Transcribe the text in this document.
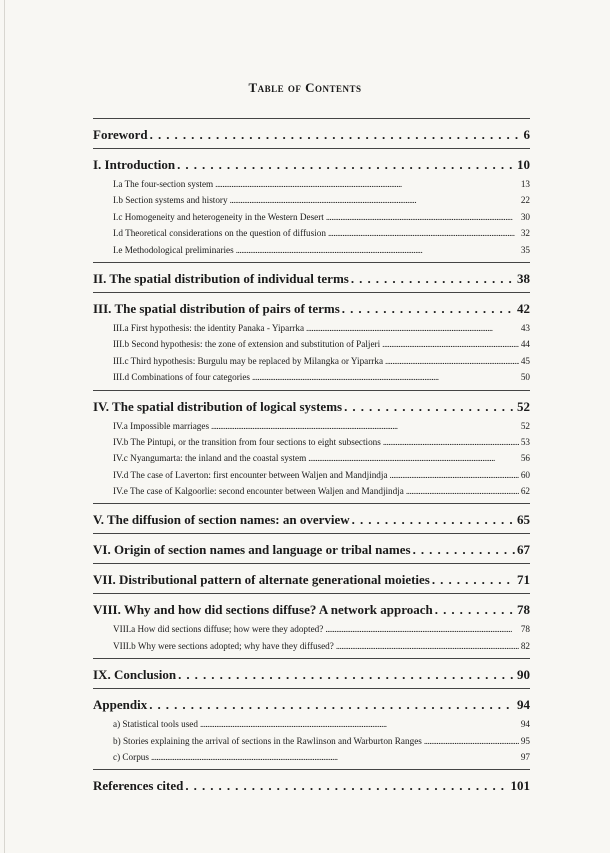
Table of Contents
Foreword . . .	6
I. Introduction . . .	10
I.a The four-section system . . .	13
I.b Section systems and history . . .	22
I.c Homogeneity and heterogeneity in the Western Desert . . .	30
I.d Theoretical considerations on the question of diffusion . . .	32
I.e Methodological preliminaries . . .	35
II. The spatial distribution of individual terms . . .	38
III. The spatial distribution of pairs of terms . . .	42
III.a First hypothesis: the identity Panaka - Yiparrka . . .	43
III.b Second hypothesis: the zone of extension and substitution of Paljeri . . .	44
III.c Third hypothesis: Burgulu may be replaced by Milangka or Yiparrka . . .	45
III.d Combinations of four categories . . .	50
IV. The spatial distribution of logical systems . . .	52
IV.a Impossible marriages . . .	52
IV.b The Pintupi, or the transition from four sections to eight subsections . . .	53
IV.c Nyangumarta: the inland and the coastal system . . .	56
IV.d The case of Laverton: first encounter between Waljen and Mandjindja . . .	60
IV.e The case of Kalgoorlie: second encounter between Waljen and Mandjindja . . .	62
V. The diffusion of section names: an overview . . .	65
VI. Origin of section names and language or tribal names . . .	67
VII. Distributional pattern of alternate generational moieties . . .	71
VIII. Why and how did sections diffuse? A network approach . . .	78
VIII.a How did sections diffuse; how were they adopted? . . .	78
VIII.b Why were sections adopted; why have they diffused? . . .	82
IX. Conclusion . . .	90
Appendix . . .	94
a) Statistical tools used . . .	94
b) Stories explaining the arrival of sections in the Rawlinson and Warburton Ranges . . .	95
c) Corpus . . .	97
References cited . . .	101
